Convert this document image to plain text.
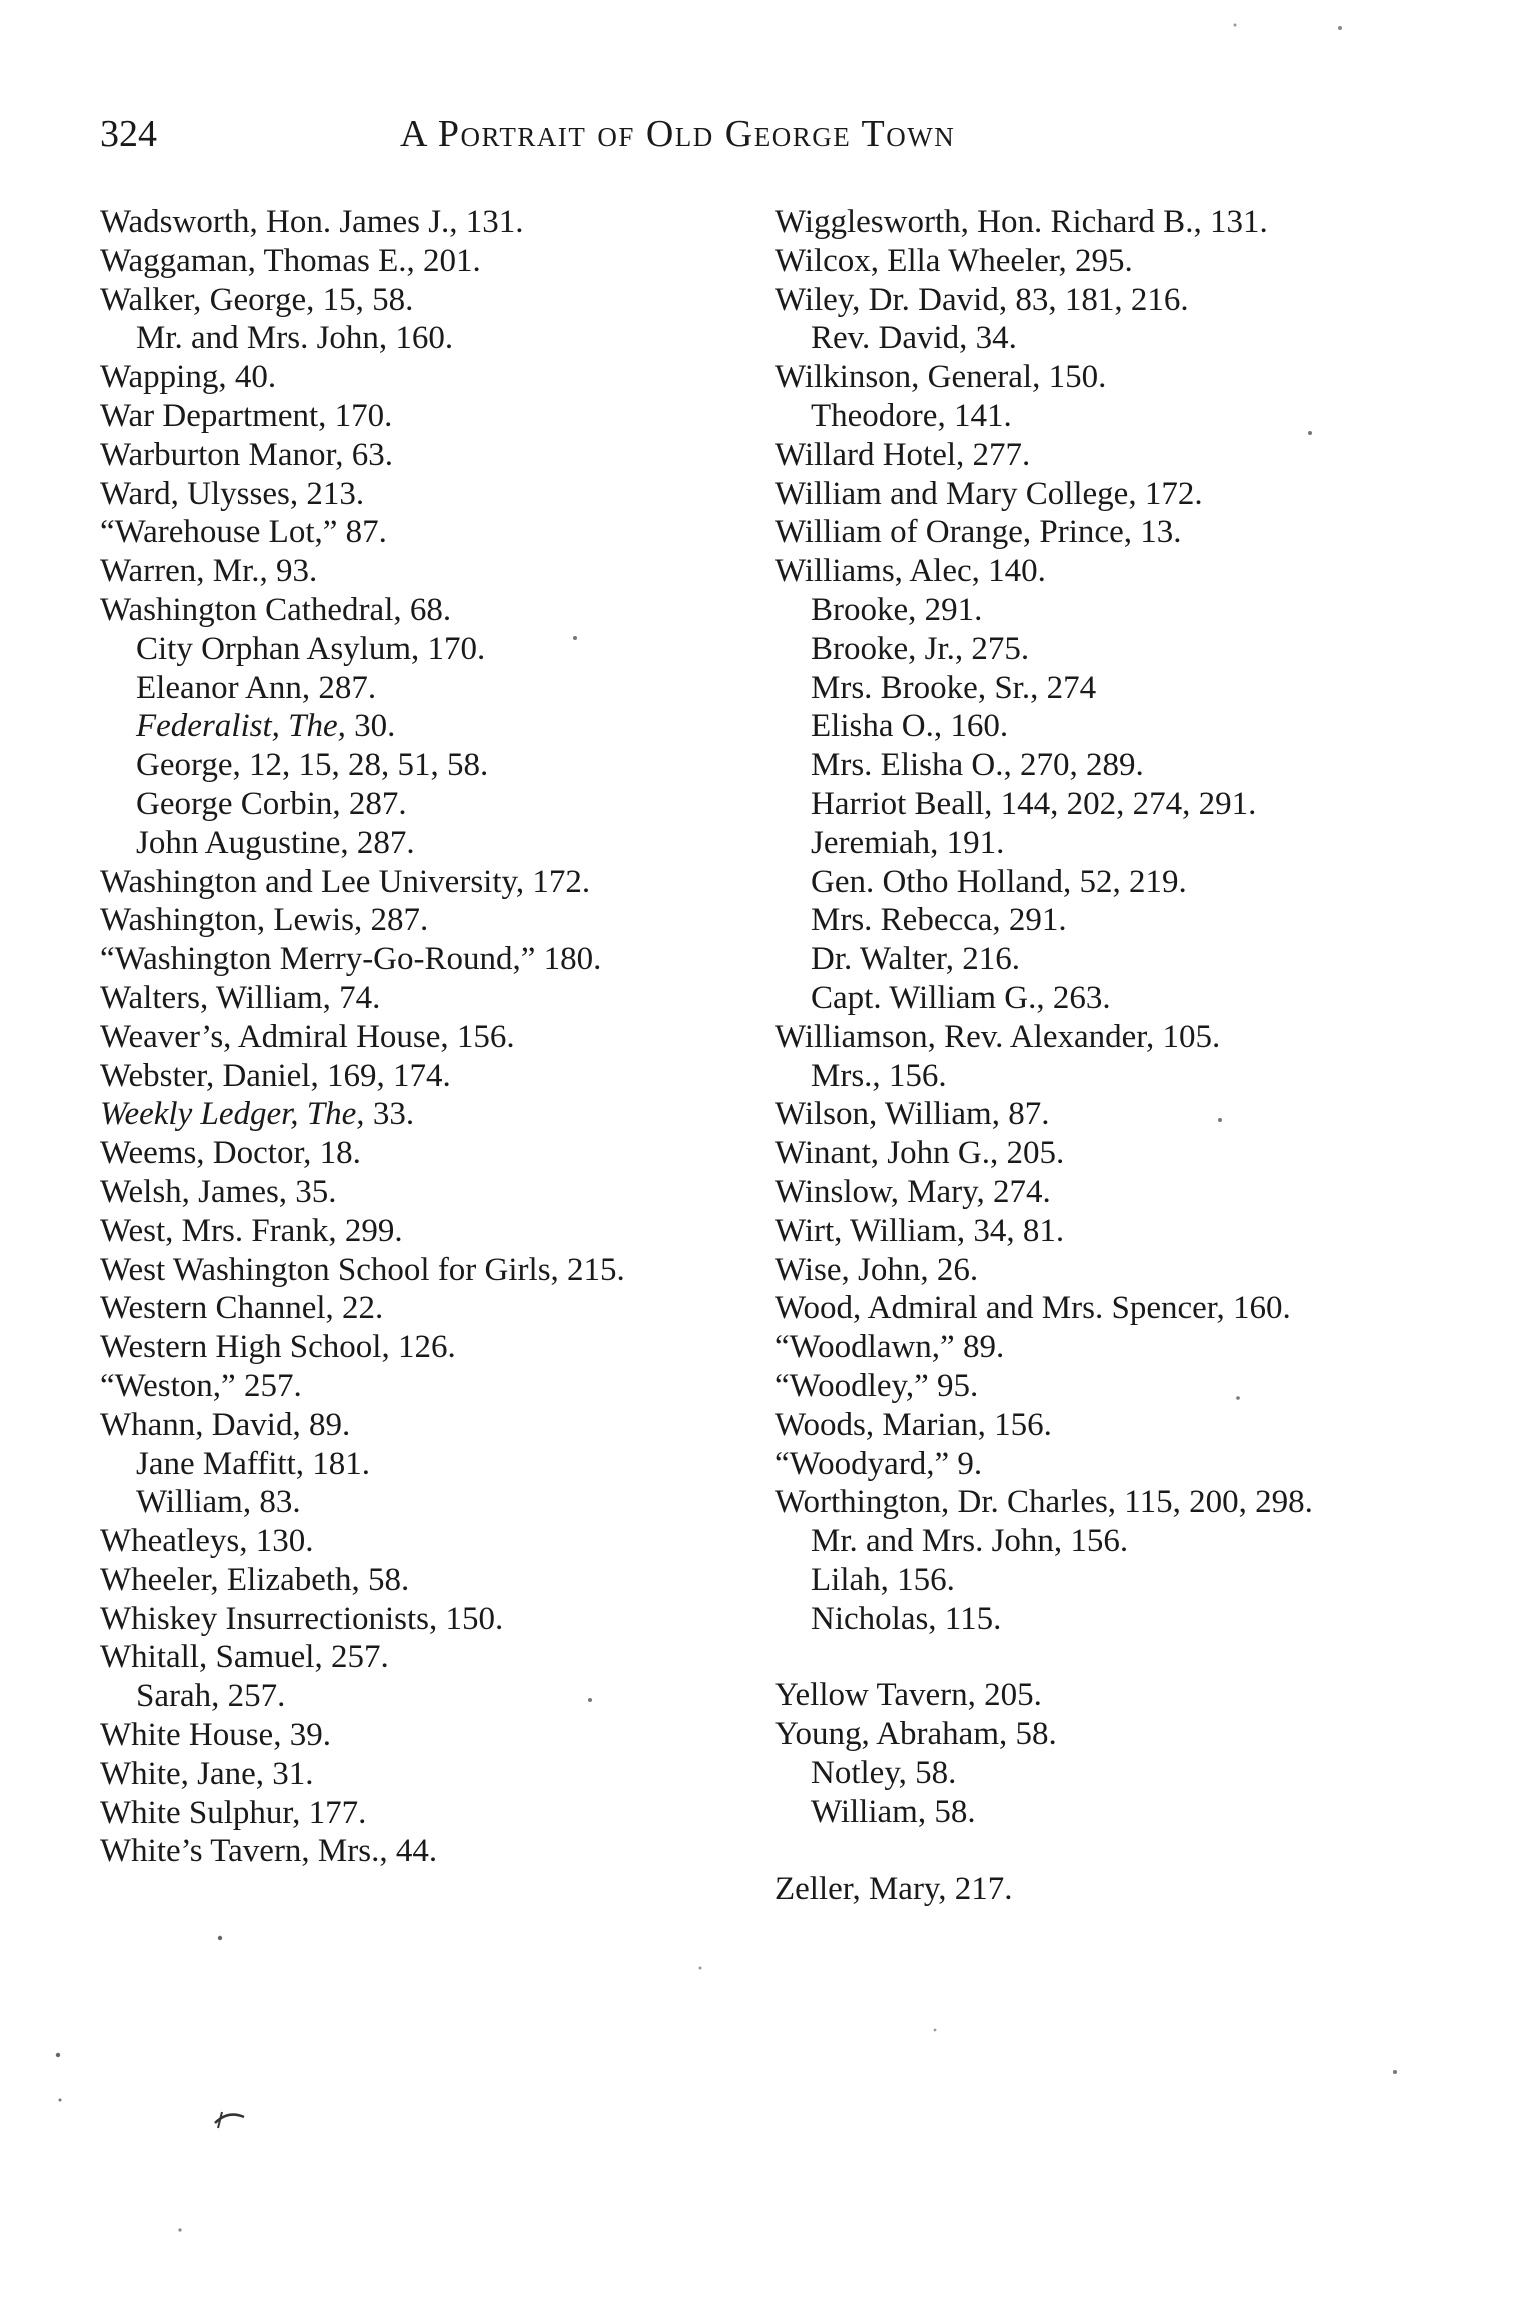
324	A Portrait of Old George Town
Wadsworth, Hon. James J., 131.
Waggaman, Thomas E., 201.
Walker, George, 15, 58.
Mr. and Mrs. John, 160.
Wapping, 40.
War Department, 170.
Warburton Manor, 63.
Ward, Ulysses, 213.
“Warehouse Lot,” 87.
Warren, Mr., 93.
Washington Cathedral, 68.
City Orphan Asylum, 170.
Eleanor Ann, 287.
Federalist, The, 30.
George, 12, 15, 28, 51, 58.
George Corbin, 287.
John Augustine, 287.
Washington and Lee University, 172.
Washington, Lewis, 287.
“Washington Merry-Go-Round,” 180.
Walters, William, 74.
Weaver’s, Admiral House, 156.
Webster, Daniel, 169, 174.
Weekly Ledger, The, 33.
Weems, Doctor, 18.
Welsh, James, 35.
West, Mrs. Frank, 299.
West Washington School for Girls, 215.
Western Channel, 22.
Western High School, 126.
“Weston,” 257.
Whann, David, 89.
Jane Maffitt, 181.
William, 83.
Wheatleys, 130.
Wheeler, Elizabeth, 58.
Whiskey Insurrectionists, 150.
Whitall, Samuel, 257.
Sarah, 257.
White House, 39.
White, Jane, 31.
White Sulphur, 177.
White’s Tavern, Mrs., 44.
Wigglesworth, Hon. Richard B., 131.
Wilcox, Ella Wheeler, 295.
Wiley, Dr. David, 83, 181, 216.
Rev. David, 34.
Wilkinson, General, 150.
Theodore, 141.
Willard Hotel, 277.
William and Mary College, 172.
William of Orange, Prince, 13.
Williams, Alec, 140.
Brooke, 291.
Brooke, Jr., 275.
Mrs. Brooke, Sr., 274
Elisha O., 160.
Mrs. Elisha O., 270, 289.
Harriot Beall, 144, 202, 274, 291.
Jeremiah, 191.
Gen. Otho Holland, 52, 219.
Mrs. Rebecca, 291.
Dr. Walter, 216.
Capt. William G., 263.
Williamson, Rev. Alexander, 105.
Mrs., 156.
Wilson, William, 87.
Winant, John G., 205.
Winslow, Mary, 274.
Wirt, William, 34, 81.
Wise, John, 26.
Wood, Admiral and Mrs. Spencer, 160.
“Woodlawn,” 89.
“Woodley,” 95.
Woods, Marian, 156.
“Woodyard,” 9.
Worthington, Dr. Charles, 115, 200, 298.
Mr. and Mrs. John, 156.
Lilah, 156.
Nicholas, 115.
Yellow Tavern, 205.
Young, Abraham, 58.
Notley, 58.
William, 58.
Zeller, Mary, 217.
